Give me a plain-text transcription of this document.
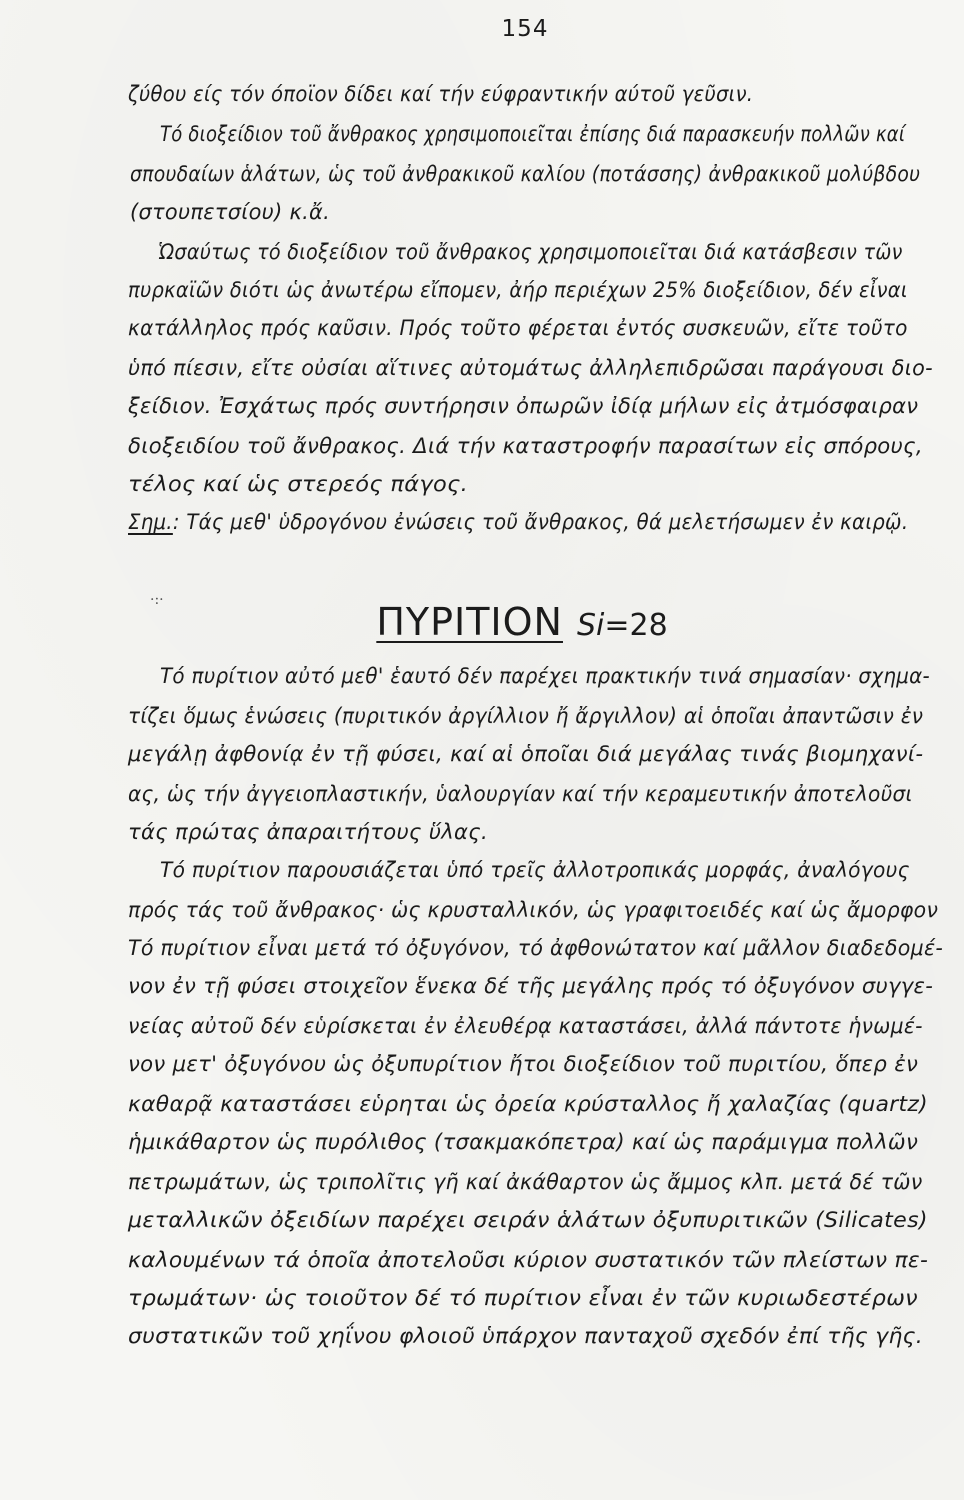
154
ζύθου είς τόν όποϊον δίδει καί τήν εύφραντικήν αύτοῦ γεῦσιν.
Τό διοξείδιον τοῦ ἄνθρακος χρησιμοποιεῖται ἐπίσης διά παρασκευήν πολλῶν καί
σπουδαίων ἁλάτων, ὡς τοῦ ἀνθρακικοῦ καλίου (ποτάσσης) ἀνθρακικοῦ μολύβδου
(στουπετσίου) κ.ἄ.
Ὡσαύτως τό διοξείδιον τοῦ ἄνθρακος χρησιμοποιεῖται διά κατάσβεσιν τῶν
πυρκαϊῶν διότι ὡς ἀνωτέρω εἴπομεν, ἀήρ περιέχων 25% διοξείδιον, δέν εἶναι
κατάλληλος πρός καῦσιν. Πρός τοῦτο φέρεται ἐντός συσκευῶν, εἴτε τοῦτο
ὑπό πίεσιν, εἴτε οὐσίαι αἵτινες αὐτομάτως ἀλληλεπιδρῶσαι παράγουσι διο-
ξείδιον. Ἐσχάτως πρός συντήρησιν ὀπωρῶν ἰδίᾳ μήλων εἰς ἀτμόσφαιραν
διοξειδίου τοῦ ἄνθρακος. Διά τήν καταστροφήν παρασίτων εἰς σπόρους,
τέλος καί ὡς στερεός πάγος.
Σημ.: Τάς μεθ' ὑδρογόνου ἐνώσεις τοῦ ἄνθρακος, θά μελετήσωμεν ἐν καιρῷ.
·:·	ΠΥΡΙΤΙΟΝ Si =28
Τό πυρίτιον αὐτό μεθ' ἑαυτό δέν παρέχει πρακτικήν τινά σημασίαν· σχημα-
τίζει ὅμως ἑνώσεις (πυριτικόν ἀργίλλιον ἤ ἄργιλλον) αἱ ὁποῖαι ἀπαντῶσιν ἐν
μεγάλῃ ἀφθονίᾳ ἐν τῇ φύσει, καί αἱ ὁποῖαι διά μεγάλας τινάς βιομηχανί-
ας, ὡς τήν ἀγγειοπλαστικήν, ὑαλουργίαν καί τήν κεραμευτικήν ἀποτελοῦσι
τάς πρώτας ἀπαραιτήτους ὕλας.
Τό πυρίτιον παρουσιάζεται ὑπό τρεῖς ἀλλοτροπικάς μορφάς, ἀναλόγους
πρός τάς τοῦ ἄνθρακος· ὡς κρυσταλλικόν, ὡς γραφιτοειδές καί ὡς ἄμορφον
Τό πυρίτιον εἶναι μετά τό ὀξυγόνον, τό ἀφθονώτατον καί μᾶλλον διαδεδομέ-
νον ἐν τῇ φύσει στοιχεῖον ἕνεκα δέ τῆς μεγάλης πρός τό ὀξυγόνον συγγε-
νείας αὐτοῦ δέν εὑρίσκεται ἐν ἐλευθέρᾳ καταστάσει, ἀλλά πάντοτε ἡνωμέ-
νον μετ' ὀξυγόνου ὡς ὀξυπυρίτιον ἤτοι διοξείδιον τοῦ πυριτίου, ὅπερ ἐν
καθαρᾷ καταστάσει εὑρηται ὡς ὀρεία κρύσταλλος ἤ χαλαζίας (quartz)
ἡμικάθαρτον ὡς πυρόλιθος (τσακμακόπετρα) καί ὡς παράμιγμα πολλῶν
πετρωμάτων, ὡς τριπολῖτις γῆ καί ἀκάθαρτον ὡς ἄμμος κλπ. μετά δέ τῶν
μεταλλικῶν ὀξειδίων παρέχει σειράν ἁλάτων ὀξυπυριτικῶν (Silicates)
καλουμένων τά ὁποῖα ἀποτελοῦσι κύριον συστατικόν τῶν πλείστων πε-
τρωμάτων· ὡς τοιοῦτον δέ τό πυρίτιον εἶναι ἐν τῶν κυριωδεστέρων
συστατικῶν τοῦ χηΐνου φλοιοῦ ὑπάρχον πανταχοῦ σχεδόν ἐπί τῆς γῆς.
